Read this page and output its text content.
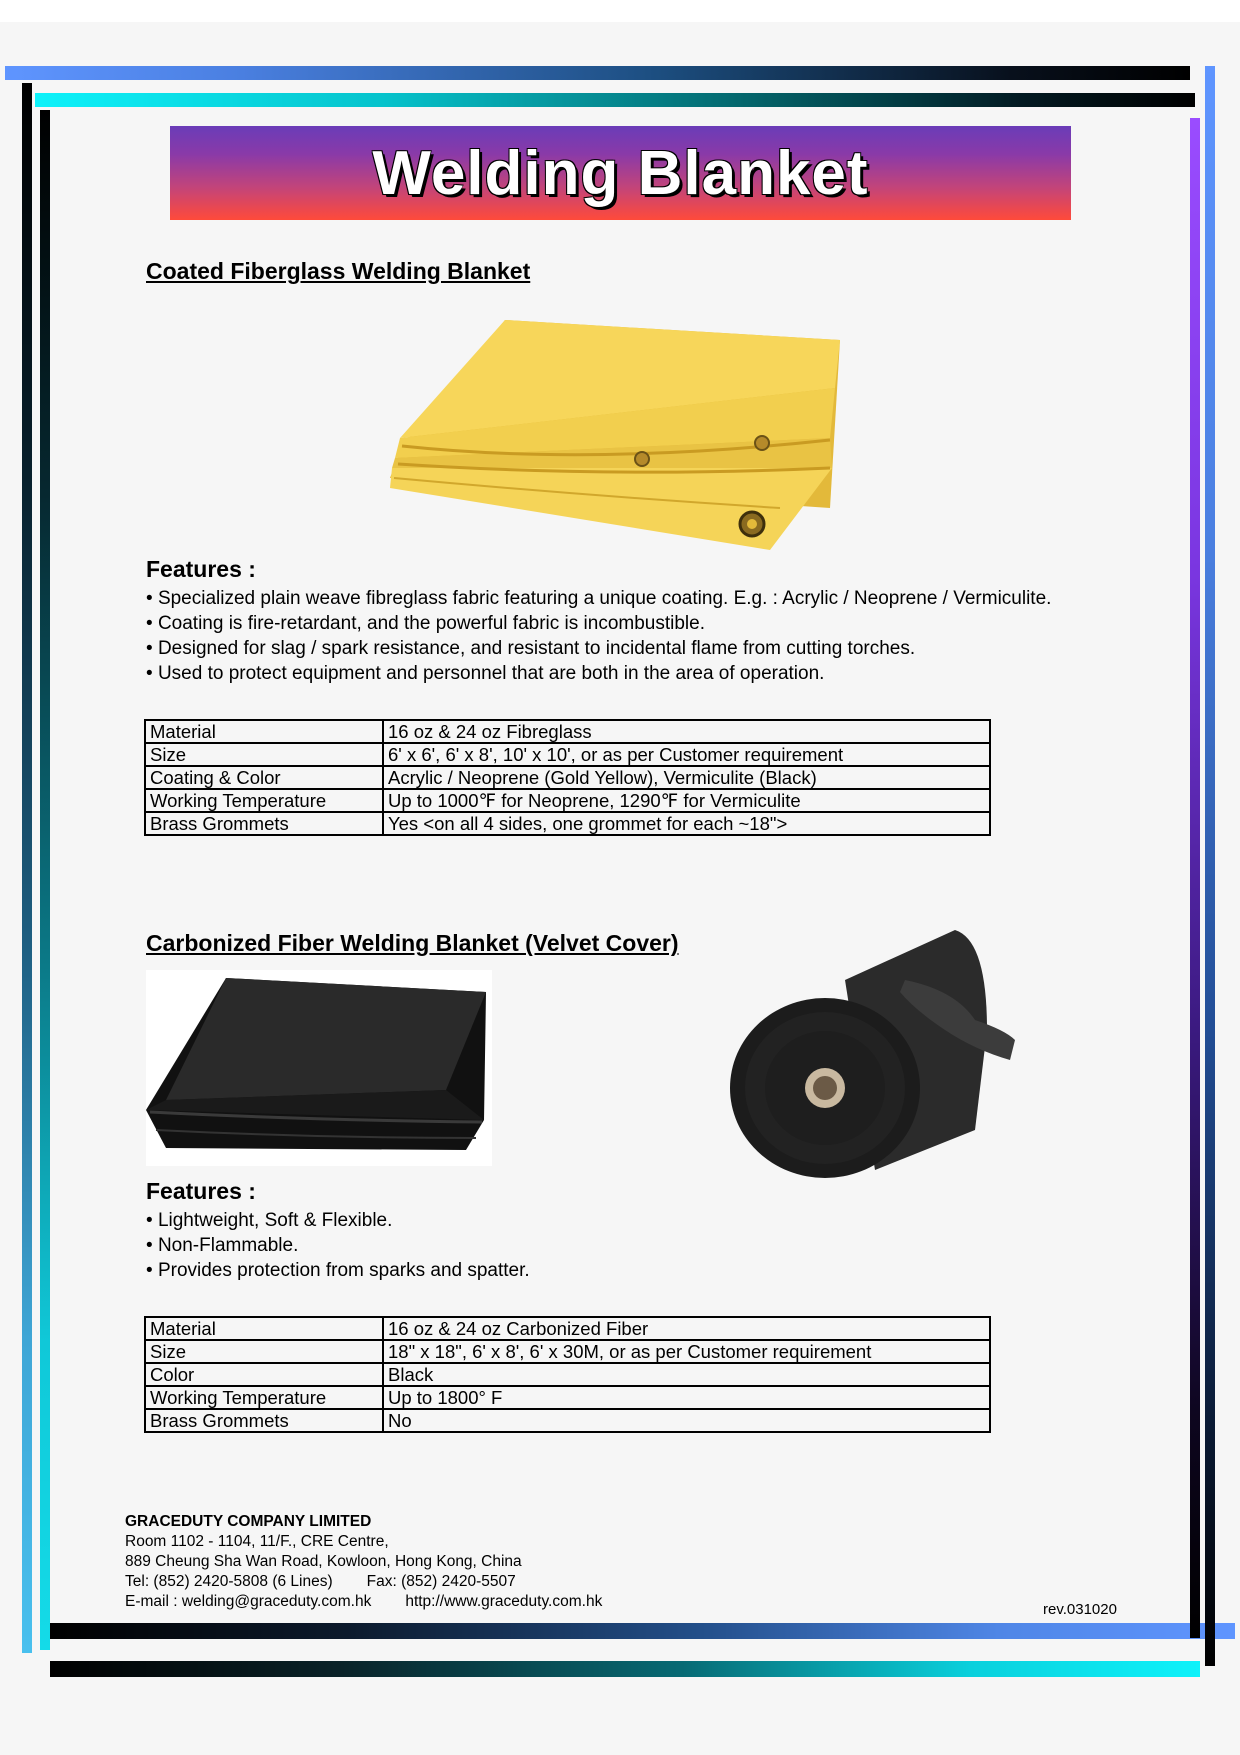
Welding Blanket
Coated Fiberglass Welding Blanket
Features :
• Specialized plain weave fibreglass fabric featuring a unique coating. E.g. : Acrylic / Neoprene / Vermiculite.
• Coating is fire-retardant, and the powerful fabric is incombustible.
• Designed for slag / spark resistance, and resistant to incidental flame from cutting torches.
• Used to protect equipment and personnel that are both in the area of operation.
Material	16 oz & 24 oz Fibreglass
Size	6' x 6', 6' x 8', 10' x 10', or as per Customer requirement
Coating & Color	Acrylic / Neoprene (Gold Yellow), Vermiculite (Black)
Working Temperature	Up to 1000℉ for Neoprene, 1290℉ for Vermiculite
Brass Grommets	Yes <on all 4 sides, one grommet for each ~18">
Carbonized Fiber Welding Blanket (Velvet Cover)
Features :
• Lightweight, Soft & Flexible.
• Non-Flammable.
• Provides protection from sparks and spatter.
Material	16 oz & 24 oz Carbonized Fiber
Size	18" x 18", 6' x 8', 6' x 30M, or as per Customer requirement
Color	Black
Working Temperature	Up to 1800° F
Brass Grommets	No
GRACEDUTY COMPANY LIMITED
Room 1102 - 1104, 11/F., CRE Centre,
889 Cheung Sha Wan Road, Kowloon, Hong Kong, China
Tel: (852) 2420-5808 (6 Lines) Fax: (852) 2420-5507
E-mail : welding@graceduty.com.hk http://www.graceduty.com.hk	rev.031020
